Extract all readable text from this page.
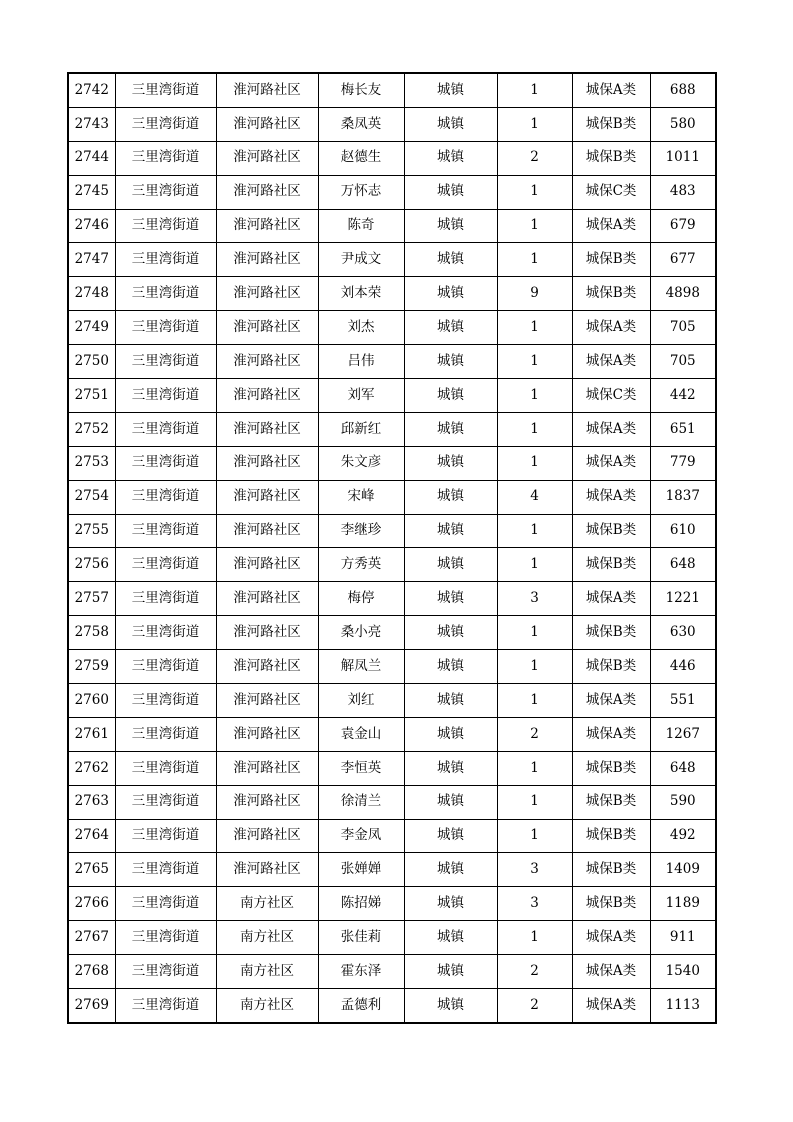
2742	三里湾街道	淮河路社区	梅长友	城镇	1	城保A类	688
2743	三里湾街道	淮河路社区	桑凤英	城镇	1	城保B类	580
2744	三里湾街道	淮河路社区	赵德生	城镇	2	城保B类	1011
2745	三里湾街道	淮河路社区	万怀志	城镇	1	城保C类	483
2746	三里湾街道	淮河路社区	陈奇	城镇	1	城保A类	679
2747	三里湾街道	淮河路社区	尹成文	城镇	1	城保B类	677
2748	三里湾街道	淮河路社区	刘本荣	城镇	9	城保B类	4898
2749	三里湾街道	淮河路社区	刘杰	城镇	1	城保A类	705
2750	三里湾街道	淮河路社区	吕伟	城镇	1	城保A类	705
2751	三里湾街道	淮河路社区	刘军	城镇	1	城保C类	442
2752	三里湾街道	淮河路社区	邱新红	城镇	1	城保A类	651
2753	三里湾街道	淮河路社区	朱文彦	城镇	1	城保A类	779
2754	三里湾街道	淮河路社区	宋峰	城镇	4	城保A类	1837
2755	三里湾街道	淮河路社区	李继珍	城镇	1	城保B类	610
2756	三里湾街道	淮河路社区	方秀英	城镇	1	城保B类	648
2757	三里湾街道	淮河路社区	梅停	城镇	3	城保A类	1221
2758	三里湾街道	淮河路社区	桑小亮	城镇	1	城保B类	630
2759	三里湾街道	淮河路社区	解凤兰	城镇	1	城保B类	446
2760	三里湾街道	淮河路社区	刘红	城镇	1	城保A类	551
2761	三里湾街道	淮河路社区	袁金山	城镇	2	城保A类	1267
2762	三里湾街道	淮河路社区	李恒英	城镇	1	城保B类	648
2763	三里湾街道	淮河路社区	徐清兰	城镇	1	城保B类	590
2764	三里湾街道	淮河路社区	李金凤	城镇	1	城保B类	492
2765	三里湾街道	淮河路社区	张婵婵	城镇	3	城保B类	1409
2766	三里湾街道	南方社区	陈招娣	城镇	3	城保B类	1189
2767	三里湾街道	南方社区	张佳莉	城镇	1	城保A类	911
2768	三里湾街道	南方社区	霍东泽	城镇	2	城保A类	1540
2769	三里湾街道	南方社区	孟德利	城镇	2	城保A类	1113
